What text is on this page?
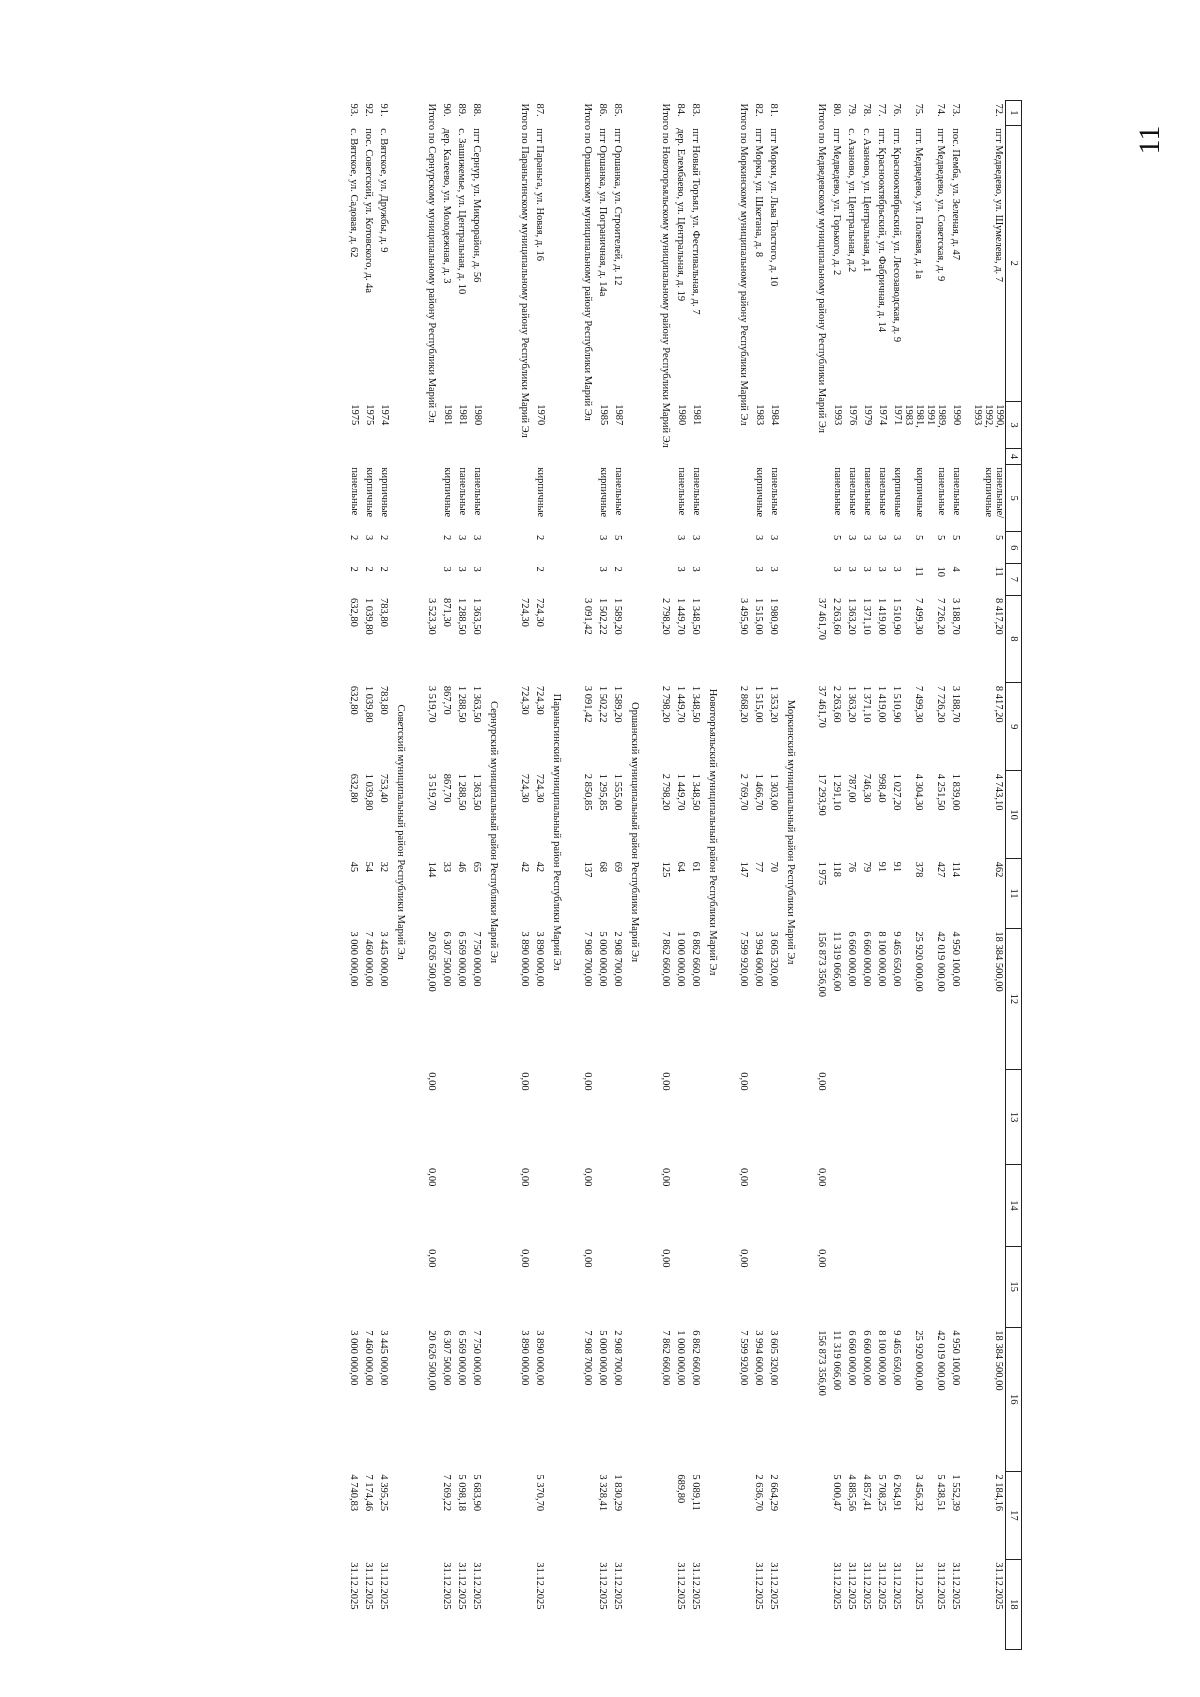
11
1	2	3	4	5	6	7	8	9	10	11	12	13	14	15	16	17	18
72.	пгт Медведево, ул. Шумелева, д. 7	1990, 1992, 1993		панельные/ кирпичные	5	11	8 417,20	8 417,20	4 743,10	462	18 384 500,00				18 384 500,00	2 184,16	31.12.2025

73.	пос. Пемба, ул. Зеленая, д. 47	1990		панельные	5	4	3 188,70	3 188,70	1 839,00	114	4 950 100,00				4 950 100,00	1 552,39	31.12.2025
74.	пгт Медведево, ул. Советская, д. 9	1989, 1991		панельные	5	10	7 726,20	7 726,20	4 251,50	427	42 019 000,00				42 019 000,00	5 438,51	31.12.2025
75.	пгт. Медведево, ул. Полевая, д. 1а	1981, 1983		кирпичные	5	11	7 499,30	7 499,30	4 304,30	378	25 920 000,00				25 920 000,00	3 456,32	31.12.2025
76.	пгт. Краснооктябрьский, ул. Лесозаводская, д. 9	1971		кирпичные	3	3	1 510,90	1 510,90	1 027,20	91	9 465 650,00				9 465 650,00	6 264,91	31.12.2025
77.	пгт. Краснооктябрьский, ул. Фабричная, д. 14	1974		панельные	3	3	1 419,00	1 419,00	998,40	91	8 100 000,00				8 100 000,00	5 708,25	31.12.2025
78.	с. Азаново, ул. Центральная, д.1	1979		панельные	3	3	1 371,10	1 371,10	746,30	79	6 660 000,00				6 660 000,00	4 857,41	31.12.2025
79.	с. Азаново, ул. Центральная, д.2	1976		панельные	3	3	1 363,20	1 363,20	787,00	76	6 660 000,00				6 660 000,00	4 885,56	31.12.2025
80.	пгт Медведево, ул. Горького, д. 2	1993		панельные	5	3	2 263,60	2 263,60	1 291,10	118	11 319 066,00				11 319 066,00	5 000,47	31.12.2025
Итого по Медведевскому муниципальному району Республики Марий Эл							37 461,70	37 461,70	17 293,90	1 975	156 873 356,00	0,00	0,00	0,00	156 873 356,00		
							Моркинский муниципальный район Республики Марий Эл										
81.	пгт Морки, ул. Льва Толстого, д. 10	1984		панельные	3	3	1 980,90	1 353,20	1 303,00	70	3 605 320,00				3 605 320,00	2 664,29	31.12.2025
82.	пгт Морки, ул. Шкетана, д. 8	1983		кирпичные	3	3	1 515,00	1 515,00	1 466,70	77	3 994 600,00				3 994 600,00	2 636,70	31.12.2025
Итого по Моркинскому муниципальному району Республики Марий Эл							3 495,90	2 868,20	2 769,70	147	7 599 920,00	0,00	0,00	0,00	7 599 920,00		
							Новоторъяльский муниципальный район Республики Марий Эл										
83.	пгт Новый Торъял, ул. Фестивальная, д. 7	1981		панельные	3	3	1 348,50	1 348,50	1 348,50	61	6 862 660,00				6 862 660,00	5 089,11	31.12.2025
84.	дер. Елембаево, ул. Центральная, д. 19	1980		панельные	3	3	1 449,70	1 449,70	1 449,70	64	1 000 000,00				1 000 000,00	689,80	31.12.2025
Итого по Новоторъяльскому муниципальному району Республики Марий Эл							2 798,20	2 798,20	2 798,20	125	7 862 660,00	0,00	0,00	0,00	7 862 660,00		
							Оршанский муниципальный район Республики Марий Эл										
85.	пгт Оршанка, ул. Строителей, д. 12	1987		панельные	5	2	1 589,20	1 589,20	1 555,00	69	2 908 700,00				2 908 700,00	1 830,29	31.12.2025
86.	пгт Оршанка, ул. Пограничная, д. 14а	1985		кирпичные	3	3	1 502,22	1 502,22	1 295,85	68	5 000 000,00				5 000 000,00	3 328,41	31.12.2025
Итого по Оршанскому муниципальному району Республики Марий Эл							3 091,42	3 091,42	2 850,85	137	7 908 700,00	0,00	0,00	0,00	7 908 700,00		
							Параньгинский муниципальный район Республики Марий Эл										
87.	пгт Параньга, ул. Новая, д. 16	1970		кирпичные	2	2	724,30	724,30	724,30	42	3 890 000,00				3 890 000,00	5 370,70	31.12.2025
Итого по Параньгинскому муниципальному району Республики Марий Эл							724,30	724,30	724,30	42	3 890 000,00	0,00	0,00	0,00	3 890 000,00		
							Сернурский муниципальный район Республики Марий Эл										
88.	пгт Сернур, ул. Микрорайон, д. 56	1980		панельные	3	3	1 363,50	1 363,50	1 363,50	65	7 750 000,00				7 750 000,00	5 683,90	31.12.2025
89.	с. Зашижемье, ул. Центральная, д. 10	1981		панельные	3	3	1 288,50	1 288,50	1 288,50	46	6 569 000,00				6 569 000,00	5 098,18	31.12.2025
90.	дер. Калеево, ул. Молодежная, д. 3	1981		кирпичные	2	3	871,30	867,70	867,70	33	6 307 500,00				6 307 500,00	7 269,22	31.12.2025
Итого по Сернурскому муниципальному району Республики Марий Эл							3 523,30	3 519,70	3 519,70	144	20 626 500,00	0,00	0,00	0,00	20 626 500,00		
							Советский муниципальный район Республики Марий Эл										
91.	с. Вятское, ул. Дружбы, д. 9	1974		кирпичные	2	2	783,80	783,80	753,40	32	3 445 000,00				3 445 000,00	4 395,25	31.12.2025
92.	пос. Советский, ул. Котовского, д. 4а	1975		кирпичные	3	2	1 039,80	1 039,80	1 039,80	54	7 460 000,00				7 460 000,00	7 174,46	31.12.2025
93.	с. Вятское, ул. Садовая, д. 62	1975		панельные	2	2	632,80	632,80	632,80	45	3 000 000,00				3 000 000,00	4 740,83	31.12.2025
